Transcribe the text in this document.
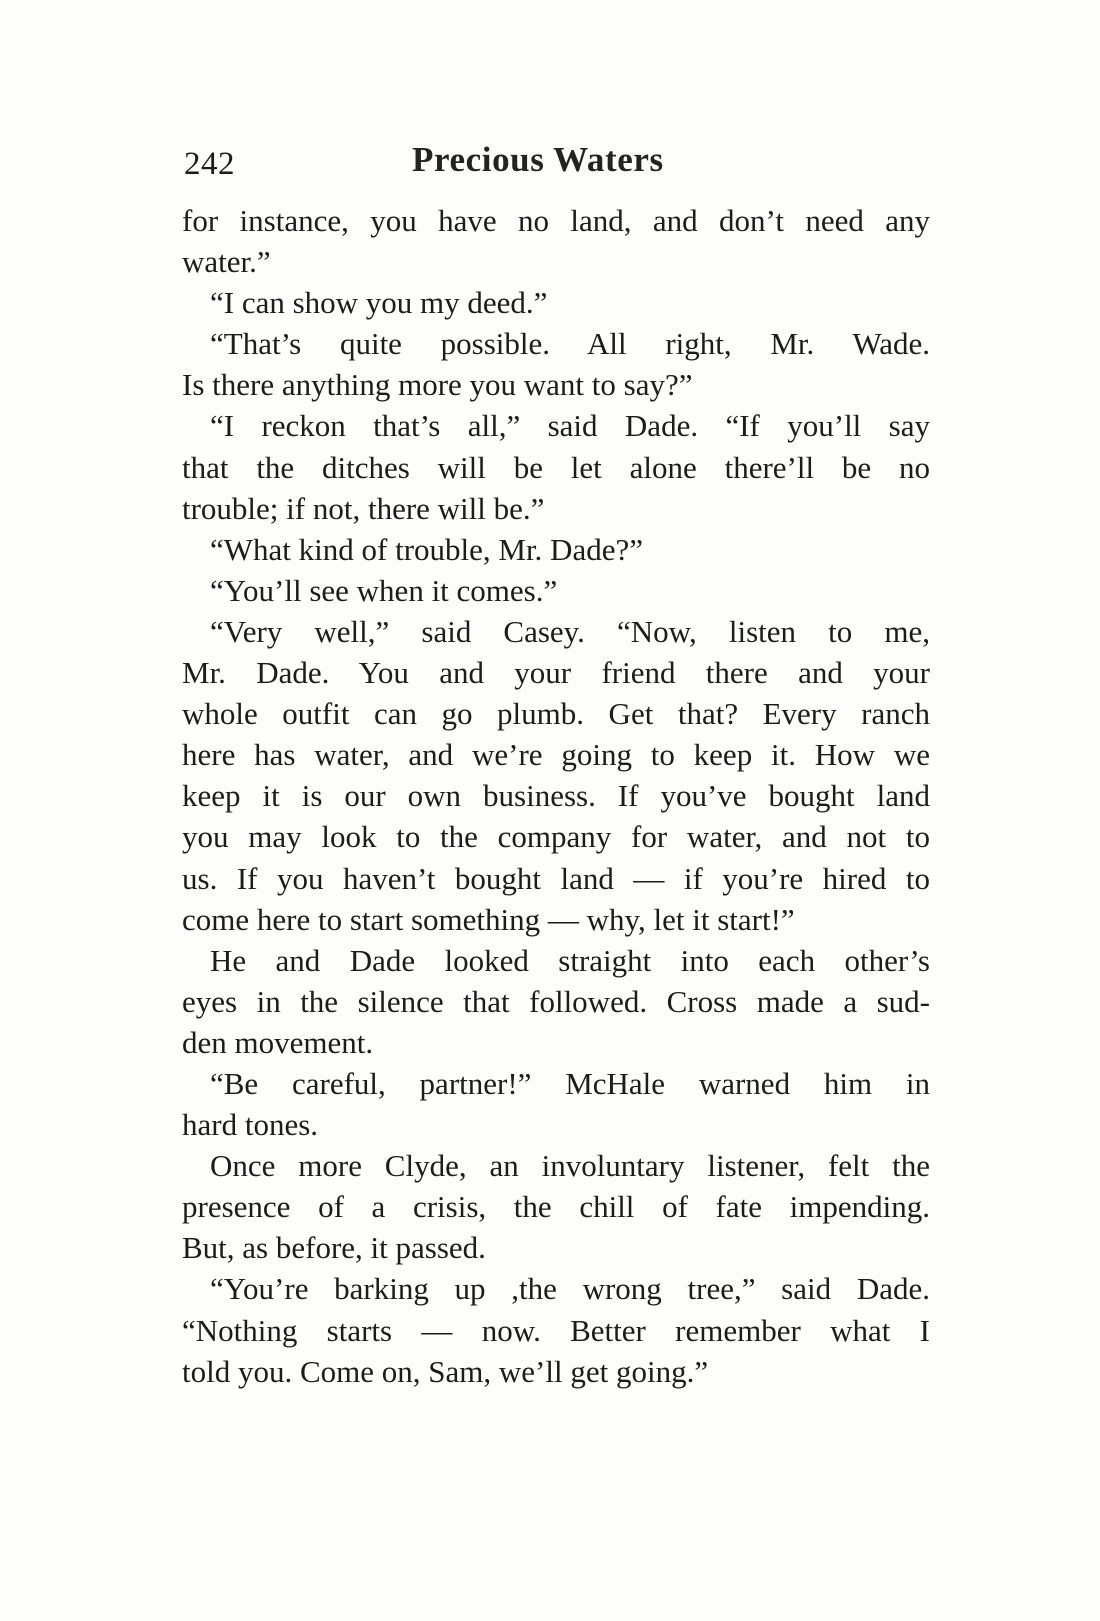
242	Precious Waters
for instance, you have no land, and don’t need any
water.”
“I can show you my deed.”
“That’s quite possible. All right, Mr. Wade.
Is there anything more you want to say?”
“I reckon that’s all,” said Dade. “If you’ll say
that the ditches will be let alone there’ll be no
trouble; if not, there will be.”
“What kind of trouble, Mr. Dade?”
“You’ll see when it comes.”
“Very well,” said Casey. “Now, listen to me,
Mr. Dade. You and your friend there and your
whole outfit can go plumb. Get that? Every ranch
here has water, and we’re going to keep it. How we
keep it is our own business. If you’ve bought land
you may look to the company for water, and not to
us. If you haven’t bought land — if you’re hired to
come here to start something — why, let it start!”
He and Dade looked straight into each other’s
eyes in the silence that followed. Cross made a sud-
den movement.
“Be careful, partner!” McHale warned him in
hard tones.
Once more Clyde, an involuntary listener, felt the
presence of a crisis, the chill of fate impending.
But, as before, it passed.
“You’re barking up ,the wrong tree,” said Dade.
“Nothing starts — now. Better remember what I
told you. Come on, Sam, we’ll get going.”
